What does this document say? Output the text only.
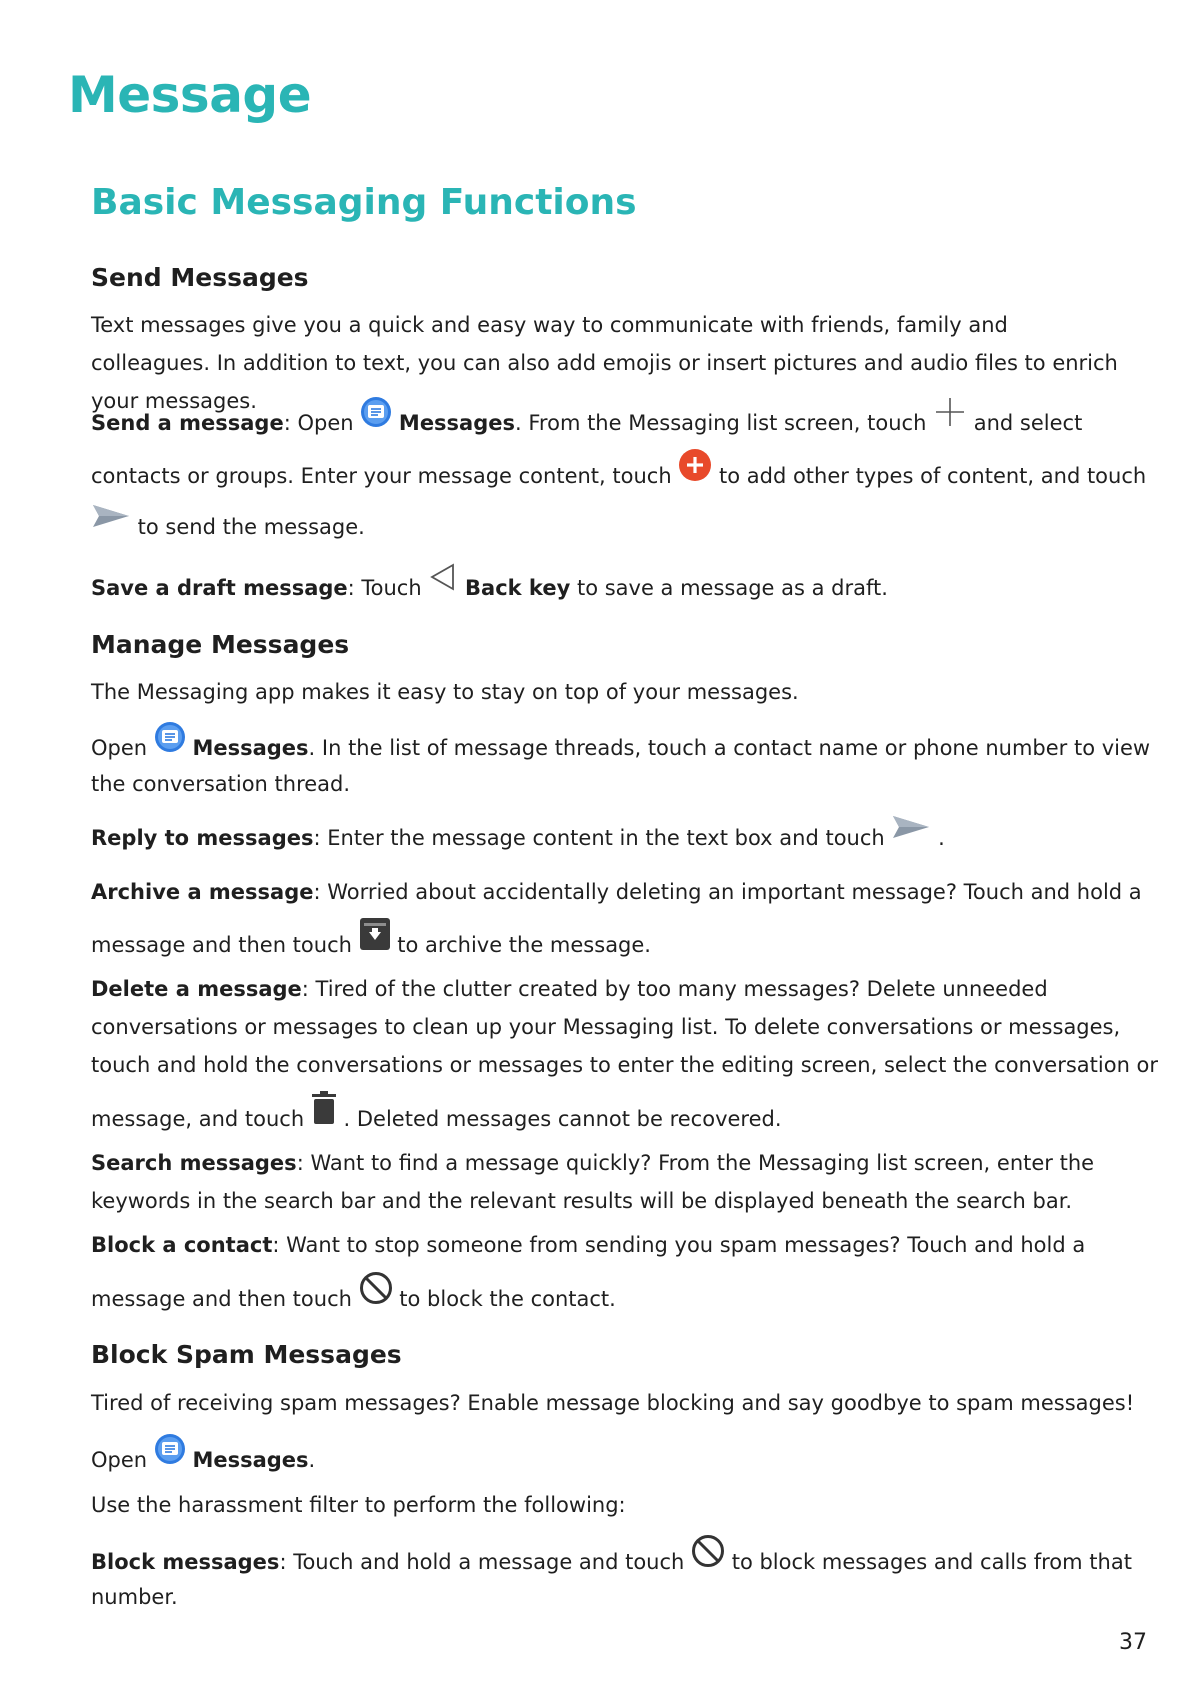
Message
Basic Messaging Functions
Send Messages

Text messages give you a quick and easy way to communicate with friends, family and colleagues. In addition to text, you can also add emojis or insert pictures and audio files to enrich your messages.

Send a message: Open  Messages. From the Messaging list screen, touch  and select

contacts or groups. Enter your message content, touch  to add other types of content, and touch

to send the message.

Save a draft message: Touch  Back key to save a message as a draft.

Manage Messages

The Messaging app makes it easy to stay on top of your messages.

Open  Messages. In the list of message threads, touch a contact name or phone number to view

the conversation thread.

Reply to messages: Enter the message content in the text box and touch  .

Archive a message: Worried about accidentally deleting an important message? Touch and hold a

message and then touch  to archive the message.

Delete a message: Tired of the clutter created by too many messages? Delete unneeded

conversations or messages to clean up your Messaging list. To delete conversations or messages,

touch and hold the conversations or messages to enter the editing screen, select the conversation or

message, and touch  . Deleted messages cannot be recovered.

Search messages: Want to find a message quickly? From the Messaging list screen, enter the

keywords in the search bar and the relevant results will be displayed beneath the search bar.

Block a contact: Want to stop someone from sending you spam messages? Touch and hold a

message and then touch  to block the contact.

Block Spam Messages

Tired of receiving spam messages? Enable message blocking and say goodbye to spam messages!

Open  Messages.

Use the harassment filter to perform the following:

Block messages: Touch and hold a message and touch  to block messages and calls from that

number.

37
